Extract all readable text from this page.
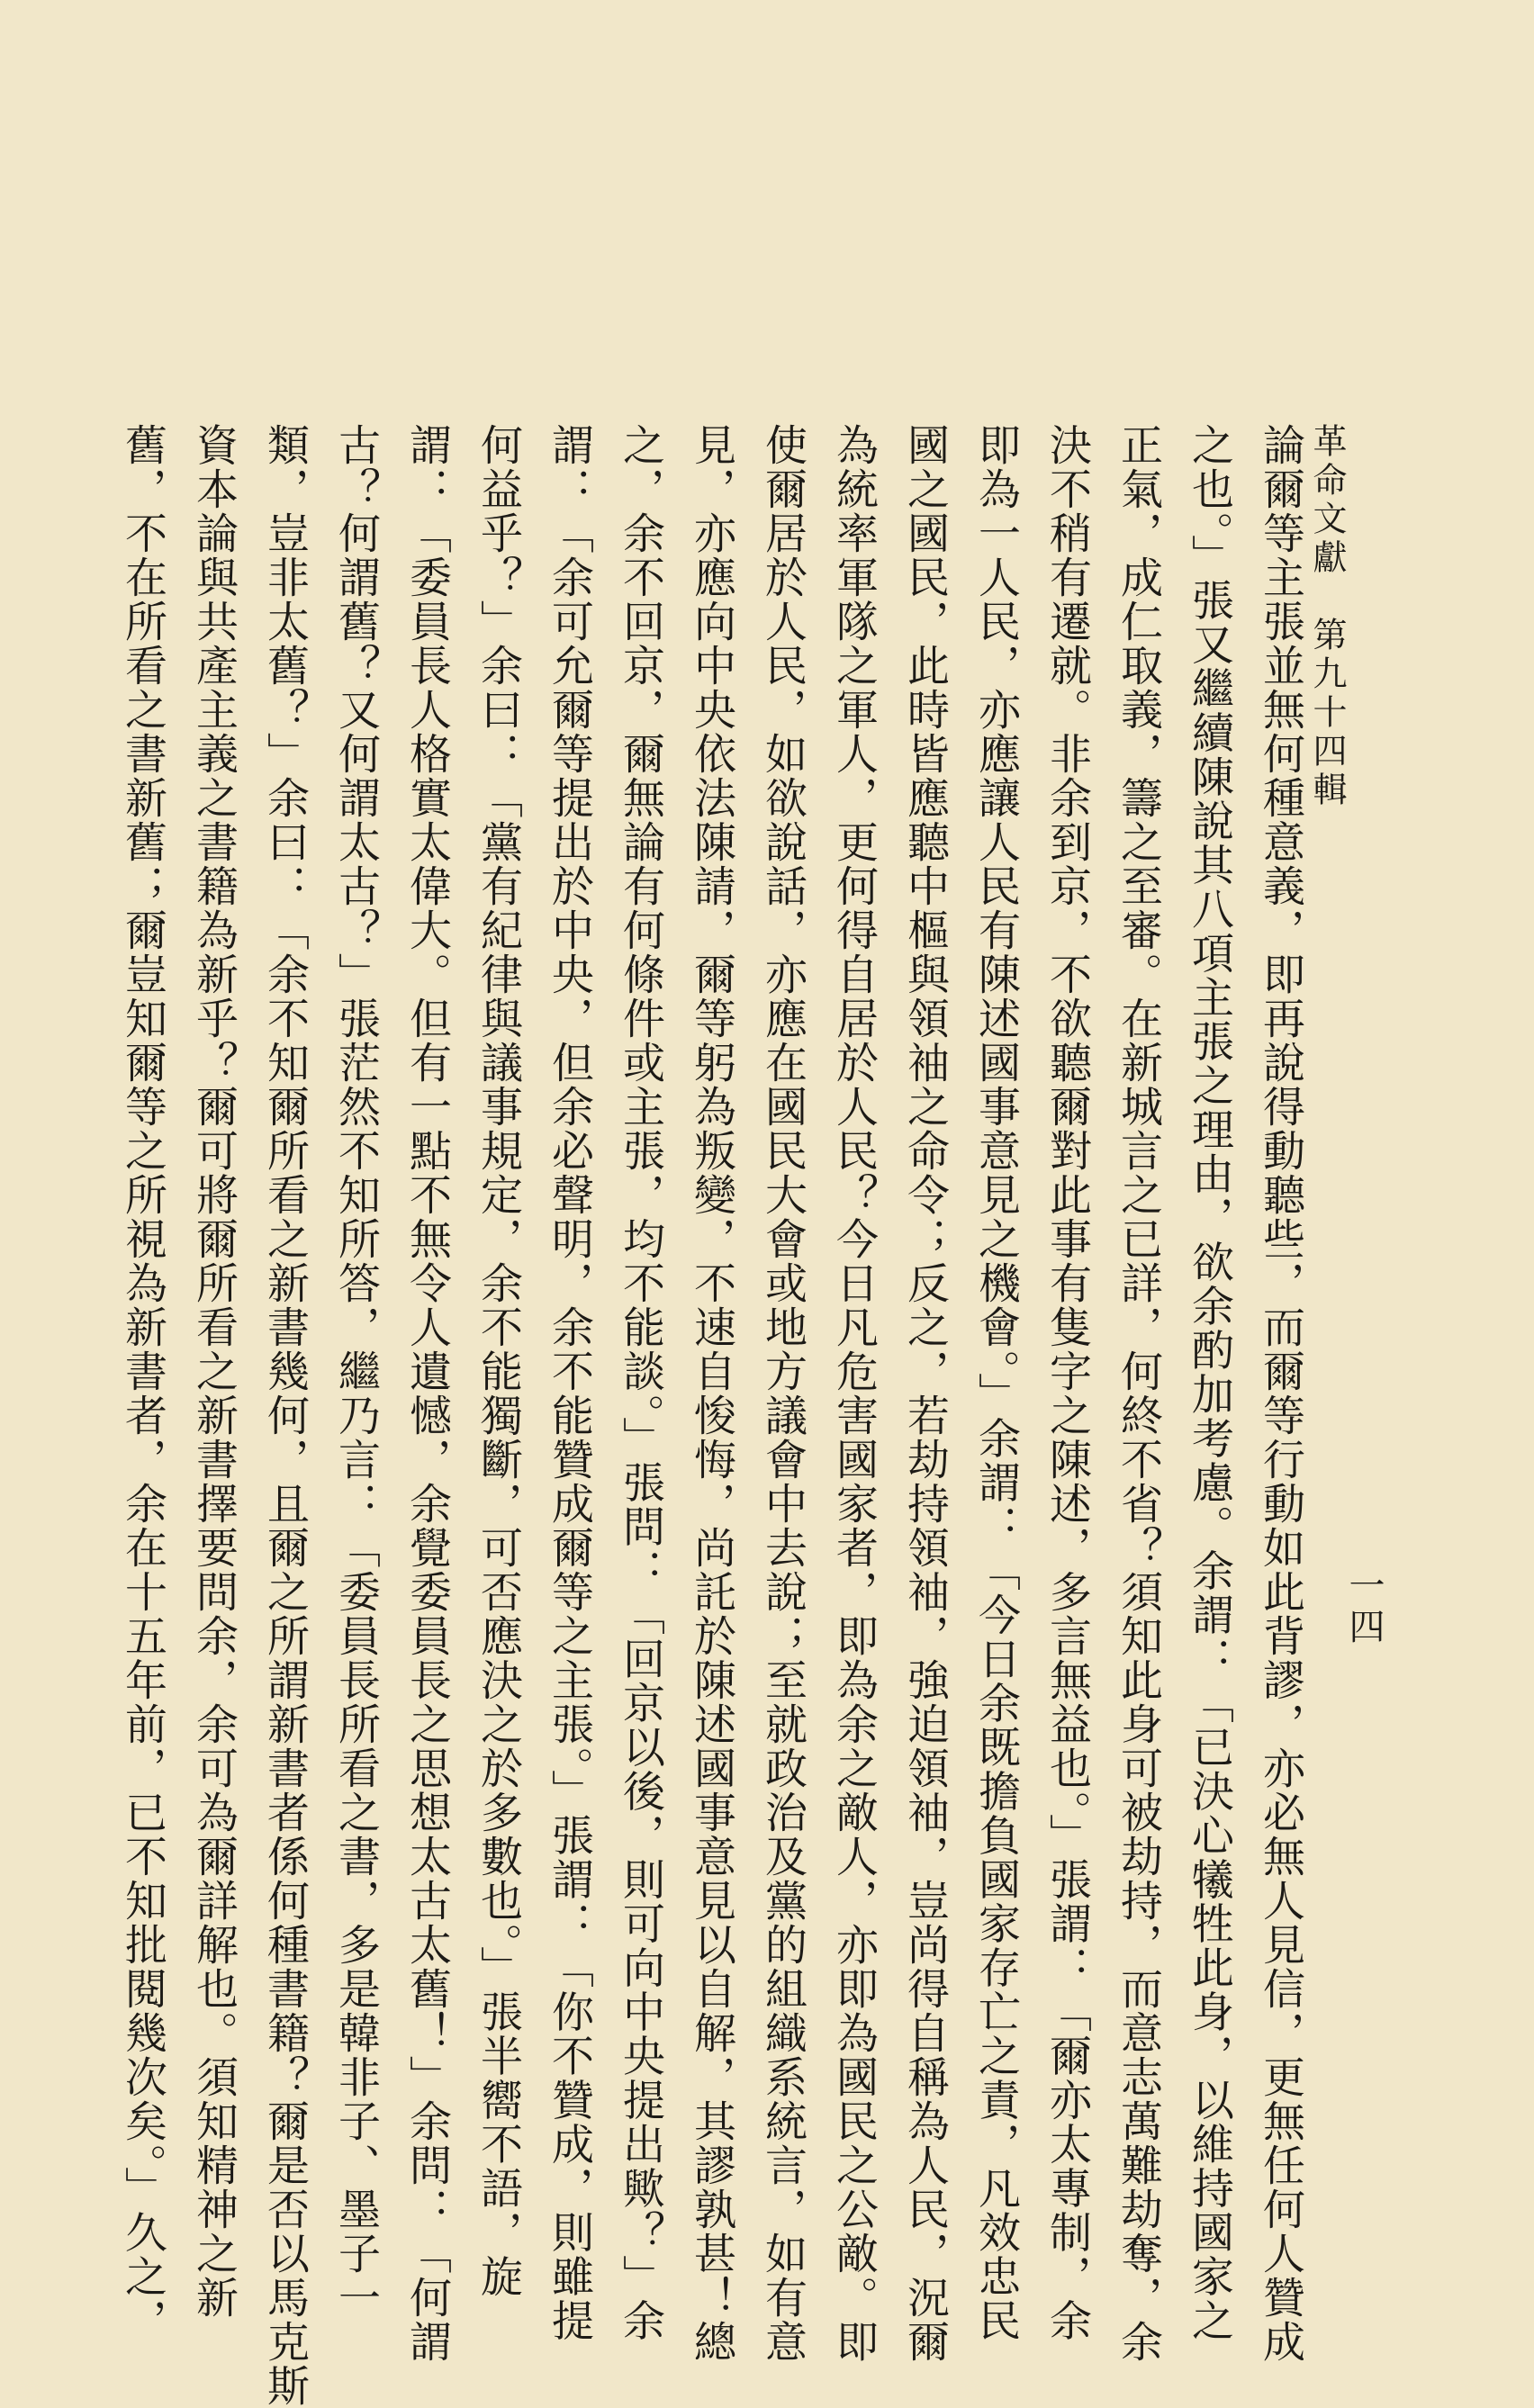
革命文獻　第九十四輯
一四
論爾等主張並無何種意義，即再說得動聽些，而爾等行動如此背謬，亦必無人見信，更無任何人贊成
之也。」張又繼續陳說其八項主張之理由，欲余酌加考慮。余謂：「已決心犧牲此身，以維持國家之
正氣，成仁取義，籌之至審。在新城言之已詳，何終不省？須知此身可被劫持，而意志萬難劫奪，余
決不稍有遷就。非余到京，不欲聽爾對此事有隻字之陳述，多言無益也。」張謂：「爾亦太專制，余
即為一人民，亦應讓人民有陳述國事意見之機會。」余謂：「今日余既擔負國家存亡之責，凡效忠民
國之國民，此時皆應聽中樞與領袖之命令；反之，若劫持領袖，強迫領袖，豈尚得自稱為人民，況爾
為統率軍隊之軍人，更何得自居於人民？今日凡危害國家者，即為余之敵人，亦即為國民之公敵。即
使爾居於人民，如欲說話，亦應在國民大會或地方議會中去說；至就政治及黨的組織系統言，如有意
見，亦應向中央依法陳請，爾等躬為叛變，不速自悛悔，尚託於陳述國事意見以自解，其謬孰甚！總
之，余不回京，爾無論有何條件或主張，均不能談。」張問：「回京以後，則可向中央提出歟？」余
謂：「余可允爾等提出於中央，但余必聲明，余不能贊成爾等之主張。」張謂：「你不贊成，則雖提
何益乎？」余曰：「黨有紀律與議事規定，余不能獨斷，可否應決之於多數也。」張半嚮不語，旋
謂：「委員長人格實太偉大。但有一點不無令人遺憾，余覺委員長之思想太古太舊！」余問：「何謂
古？何謂舊？又何謂太古？」張茫然不知所答，繼乃言：「委員長所看之書，多是韓非子、墨子一
類，豈非太舊？」余曰：「余不知爾所看之新書幾何，且爾之所謂新書者係何種書籍？爾是否以馬克斯
資本論與共產主義之書籍為新乎？爾可將爾所看之新書擇要問余，余可為爾詳解也。須知精神之新
舊，不在所看之書新舊；爾豈知爾等之所視為新書者，余在十五年前，已不知批閱幾次矣。」久之，
